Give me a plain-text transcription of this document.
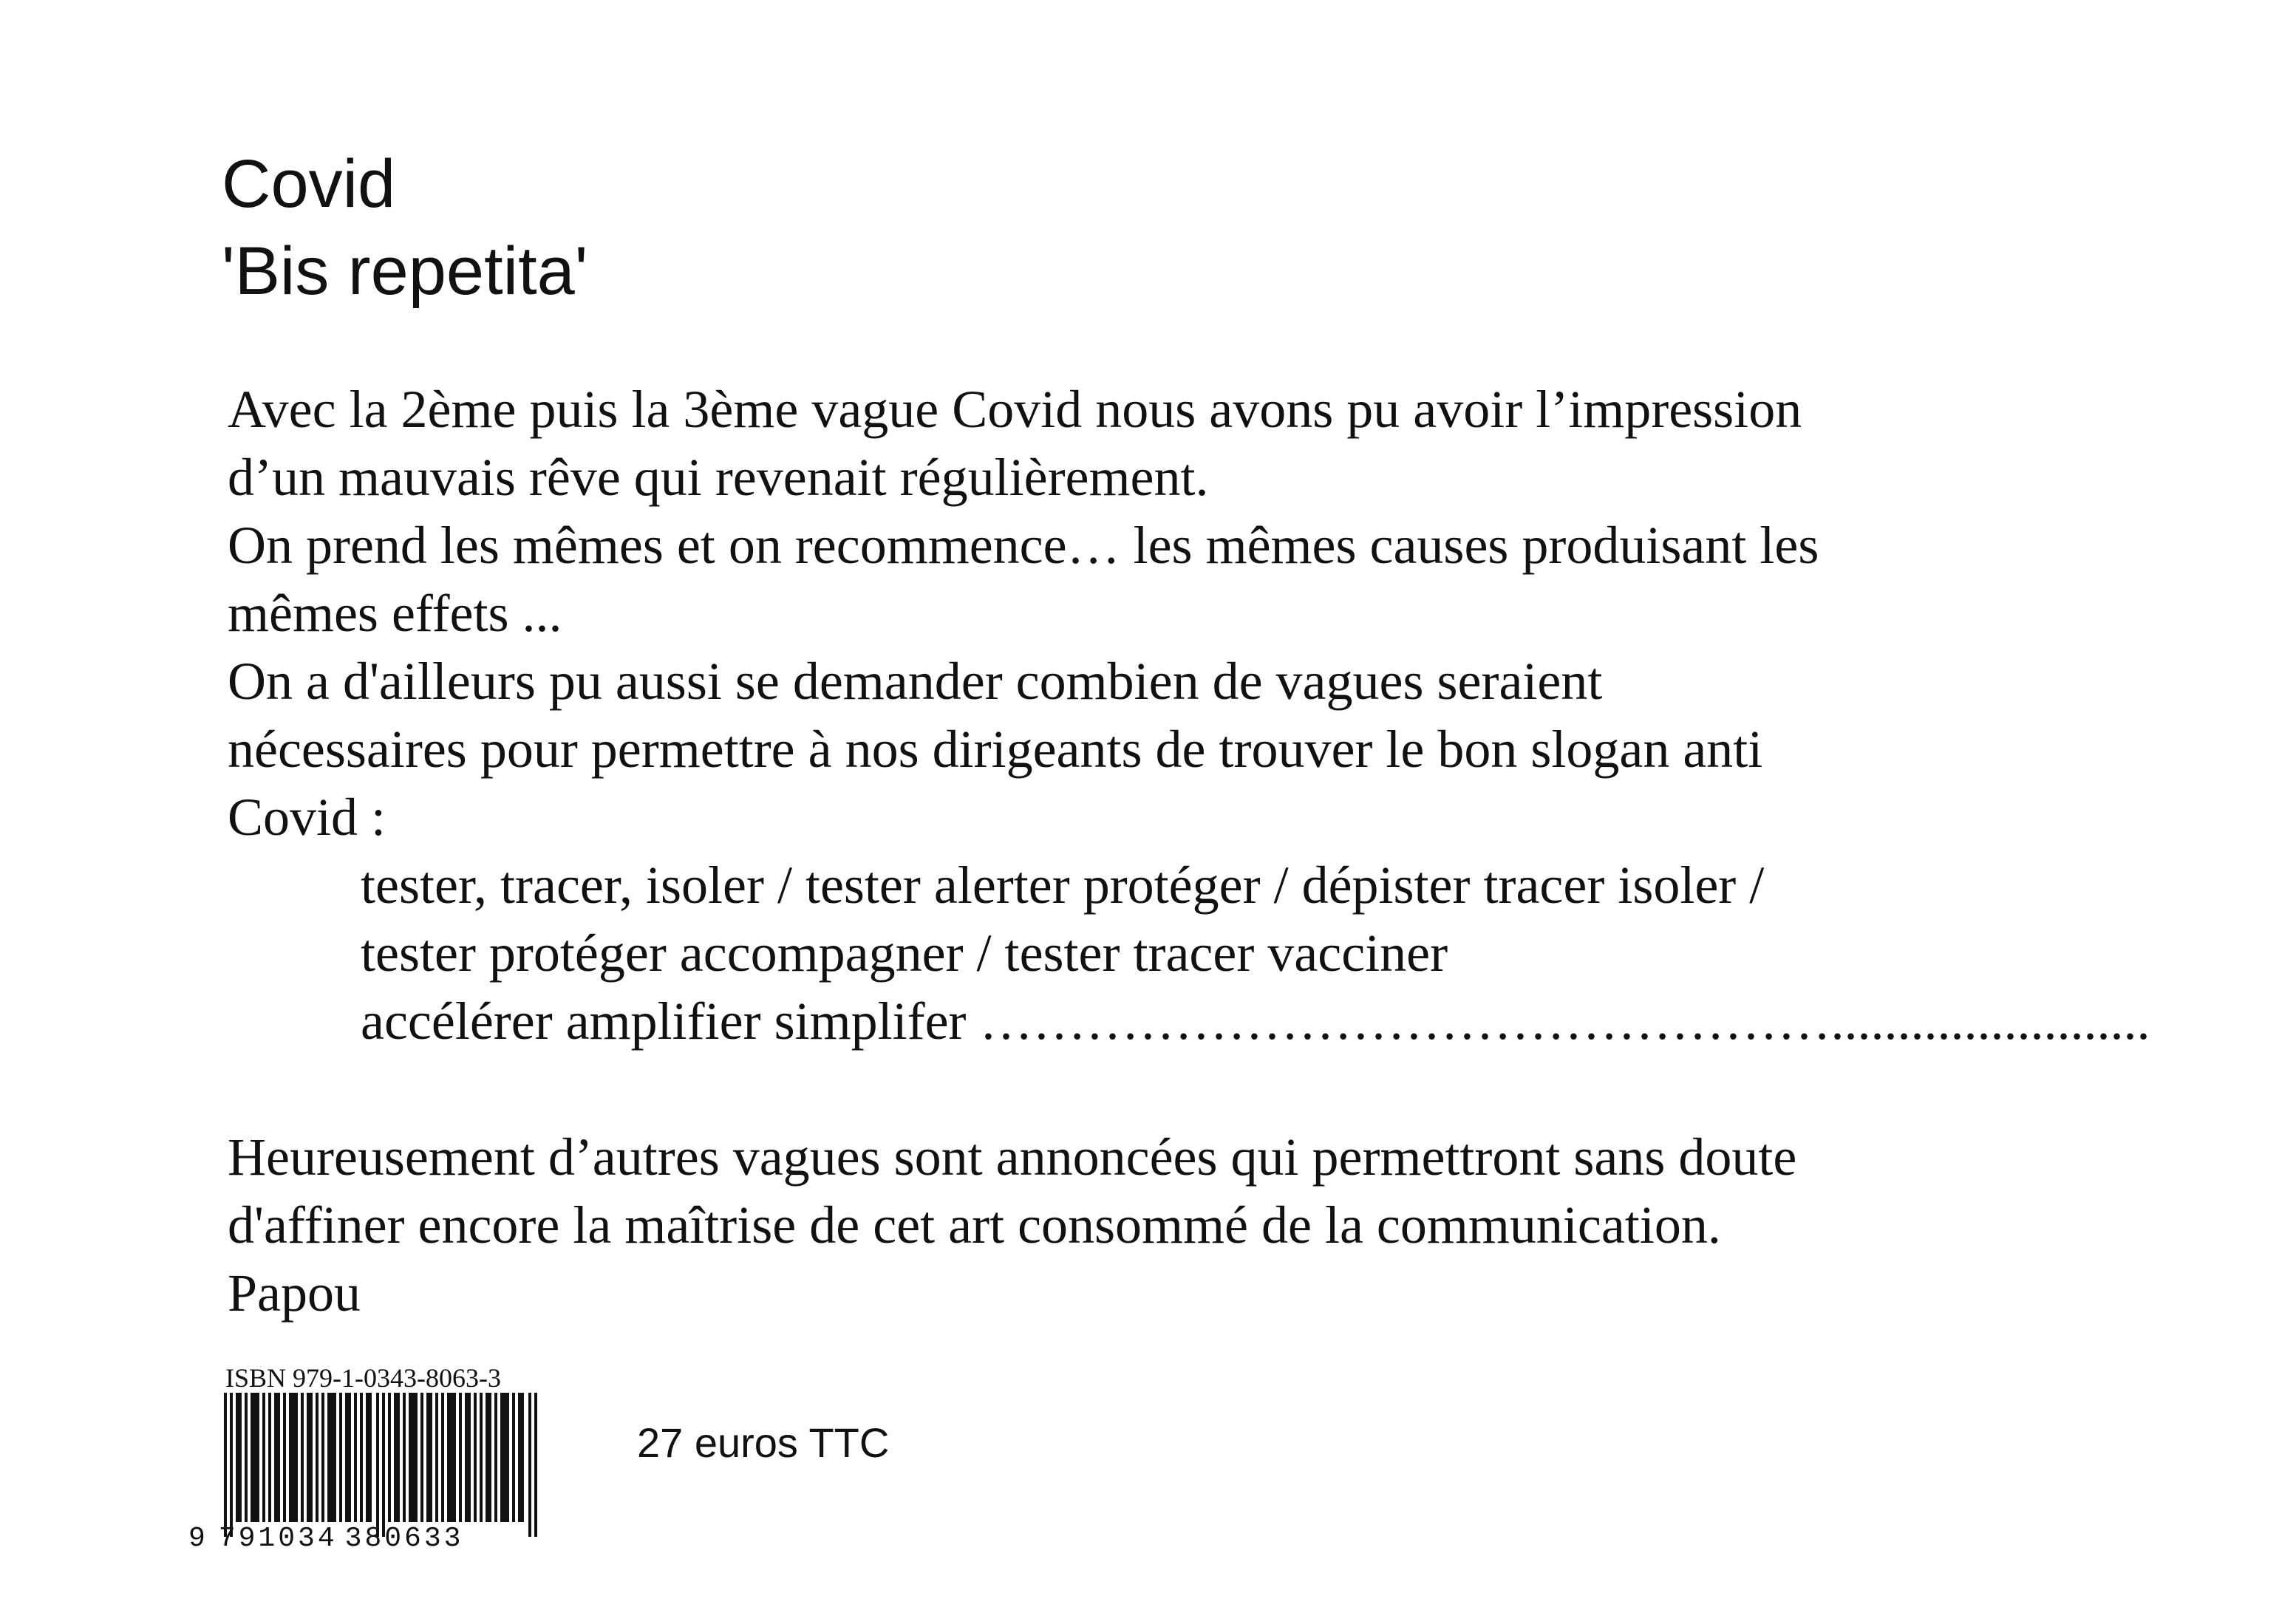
Covid
'Bis repetita'
Avec la 2ème puis la 3ème vague Covid nous avons pu avoir l’impression
d’un mauvais rêve qui revenait régulièrement.
On prend les mêmes et on recommence… les mêmes causes produisant les
mêmes effets ...
On a d'ailleurs pu aussi se demander combien de vagues seraient
nécessaires pour permettre à nos dirigeants de trouver le bon slogan anti
Covid :
tester, tracer, isoler / tester alerter protéger / dépister tracer isoler /
tester protéger accompagner / tester tracer vacciner
accélérer amplifier simplifer …………………………………………........................
Heureusement d’autres vagues sont annoncées qui permettront sans doute
d'affiner encore la maîtrise de cet art consommé de la communication.
Papou
ISBN 979-1-0343-8063-3
9 791034 380633
27 euros TTC
